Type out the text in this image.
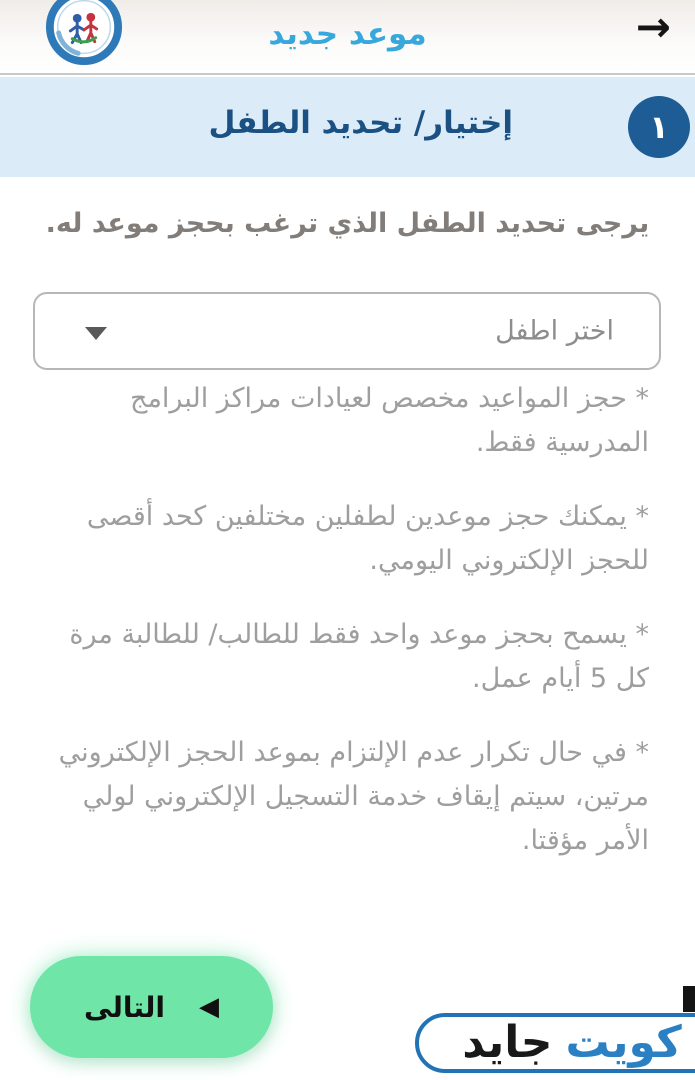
موعد جديد	→
إختيار/ تحديد الطفل	١

يرجى تحديد الطفل الذي ترغب بحجز موعد له.

اختر اطفل

* حجز المواعيد مخصص لعيادات مراكز البرامج المدرسية فقط.

* يمكنك حجز موعدين لطفلين مختلفين كحد أقصى للحجز الإلكتروني اليومي.

* يسمح بحجز موعد واحد فقط للطالب/ للطالبة مرة كل 5 أيام عمل.

* في حال تكرار عدم الإلتزام بموعد الحجز الإلكتروني مرتين، سيتم إيقاف خدمة التسجيل الإلكتروني لولي الأمر مؤقتا.

التالى ◀
كويت
جايد
